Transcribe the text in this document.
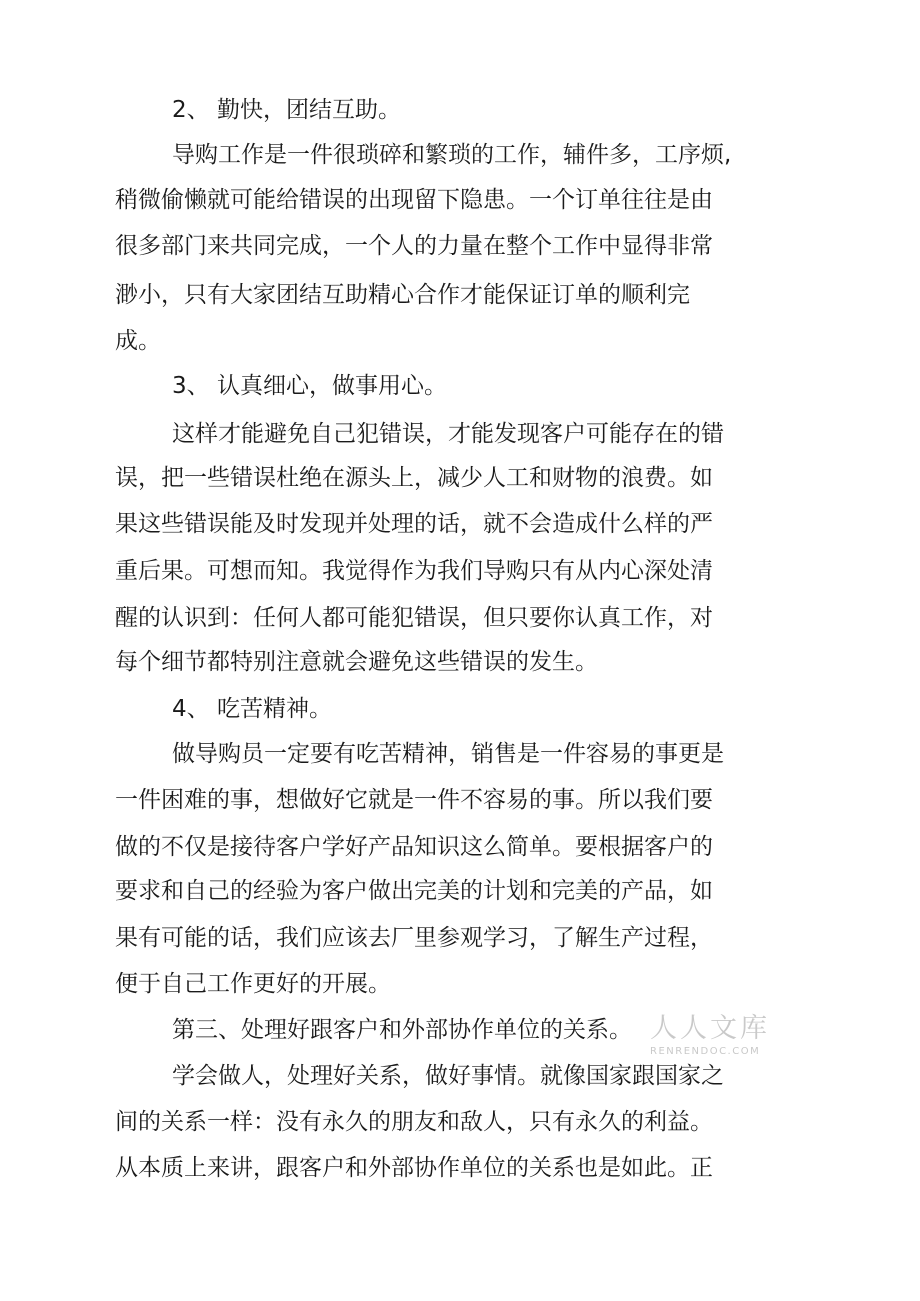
2、 勤快，团结互助。
导购工作是一件很琐碎和繁琐的工作，辅件多，工序烦,
稍微偷懒就可能给错误的出现留下隐患。一个订单往往是由
很多部门来共同完成，一个人的力量在整个工作中显得非常
渺小，只有大家团结互助精心合作才能保证订单的顺利完
成。
3、 认真细心，做事用心。
这样才能避免自己犯错误，才能发现客户可能存在的错
误，把一些错误杜绝在源头上，减少人工和财物的浪费。如
果这些错误能及时发现并处理的话，就不会造成什么样的严
重后果。可想而知。我觉得作为我们导购只有从内心深处清
醒的认识到：任何人都可能犯错误，但只要你认真工作，对
每个细节都特别注意就会避免这些错误的发生。
4、 吃苦精神。
做导购员一定要有吃苦精神，销售是一件容易的事更是
一件困难的事，想做好它就是一件不容易的事。所以我们要
做的不仅是接待客户学好产品知识这么简单。要根据客户的
要求和自己的经验为客户做出完美的计划和完美的产品，如
果有可能的话，我们应该去厂里参观学习，了解生产过程，
便于自己工作更好的开展。
第三、处理好跟客户和外部协作单位的关系。
学会做人，处理好关系，做好事情。就像国家跟国家之
间的关系一样：没有永久的朋友和敌人，只有永久的利益。
从本质上来讲，跟客户和外部协作单位的关系也是如此。正
人人文库
RENRENDOC.COM
